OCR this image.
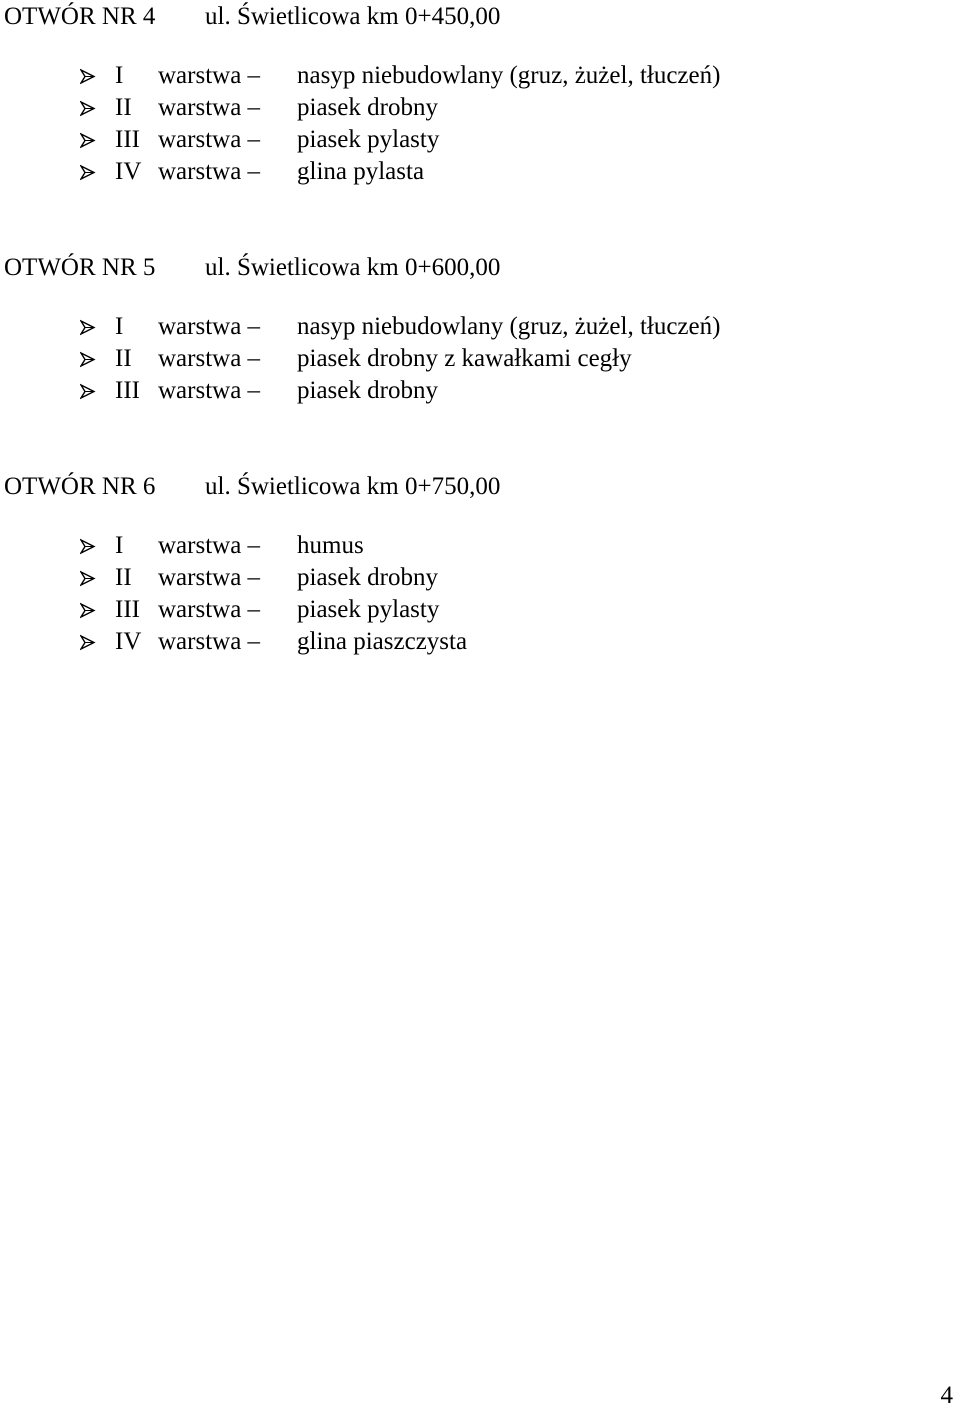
OTWÓR NR 4 ul. Świetlicowa km 0+450,00
I warstwa – nasyp niebudowlany (gruz, żużel, tłuczeń)
II warstwa – piasek drobny
III warstwa – piasek pylasty
IV warstwa – glina pylasta
OTWÓR NR 5 ul. Świetlicowa km 0+600,00
I warstwa – nasyp niebudowlany (gruz, żużel, tłuczeń)
II warstwa – piasek drobny z kawałkami cegły
III warstwa – piasek drobny
OTWÓR NR 6 ul. Świetlicowa km 0+750,00
I warstwa – humus
II warstwa – piasek drobny
III warstwa – piasek pylasty
IV warstwa – glina piaszczysta
4
